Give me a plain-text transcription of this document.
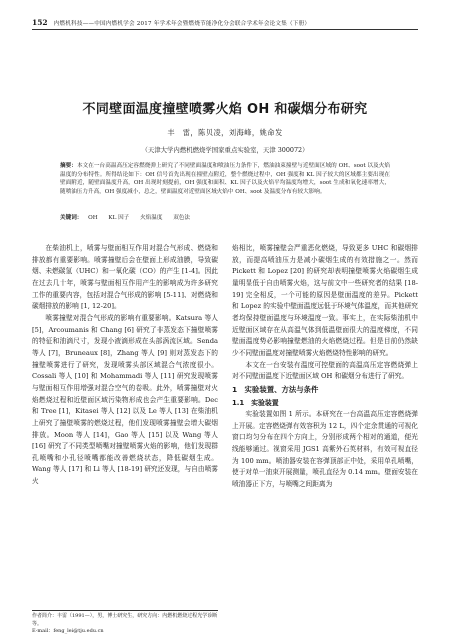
152 内燃机科技——中国内燃机学会 2017 年学术年会暨燃烧节能净化分会联合学术年会论文集（下册）
不同壁面温度撞壁喷雾火焰 OH 和碳烟分布研究
丰　雷，陈贝凌，刘海峰，姚命发
（天津大学内燃机燃烧学国家重点实验室，天津 300072）
摘要：本文在一台高温高压定容燃烧弹上研究了不同壁面温度和喷油压力条件下，燃油油束撞壁与近壁面区域的 OH、soot 以及火焰温度的分布特性。所得结论如下：OH 信号首先出现在撞壁点附近，整个燃烧过程中，OH 强度和 KL 因子较大的区域都主要出现在壁面附近，随壁面温度升高，OH 出现时刻提前，OH 强度和面积、KL 因子以及火焰平均温度均增大，soot 生成和氧化速率增大，随喷油压力升高，OH 强度减小，总之，壁面温度对近壁面区域火焰中 OH、soot 及温度分布有较大影响。
关键词： OH KL 因子 火焰温度 双色法

在柴油机上，喷雾与壁面相互作用对混合气形成、燃烧和排放都有重要影响。喷雾撞壁后会在壁面上形成油膜，导致碳烟、未燃碳氢（UHC）和一氧化碳（CO）的产生 [1-4]。因此在过去几十年，喷雾与壁面相互作用产生的影响成为许多研究工作的重要内容，包括对混合气形成的影响 [5-11]、对燃烧和碳烟排放的影响 [1, 12-20]。

喷雾撞壁对混合气形成的影响有重要影响。Katsura 等人 [5]，Arcoumanis 和 Chang [6] 研究了非蒸发态下撞壁喷雾的特征和油滴尺寸，发现小液滴形成在头部涡流区域。Senda 等人 [7]，Bruneaux [8]，Zhang 等人 [9] 则对蒸发态下的撞壁喷雾进行了研究，发现喷雾头部区域混合气浓度很小。Cossali 等人 [10] 和 Mohammadi 等人 [11] 研究发现喷雾与壁面相互作用增强对混合空气的卷吸。此外，喷雾撞壁对火焰燃烧过程和近壁面区域污染物形成也会产生重要影响。Dec 和 Tree [1]，Kitasei 等人 [12] 以及 Le 等人 [13] 在柴油机上研究了撞壁喷雾的燃烧过程，他们发现喷雾撞壁会增大碳烟排放。Moon 等人 [14]，Gao 等人 [15] 以及 Wang 等人 [16] 研究了不同类型喷嘴对撞壁喷雾火焰的影响，他们发现群孔喷嘴和小孔径喷嘴都能改善燃烧状态，降低碳烟生成。Wang 等人 [17] 和 Li 等人 [18-19] 研究还发现，与自由喷雾火

焰相比，喷雾撞壁会严重恶化燃烧，导致更多 UHC 和碳烟排放，而提高喷油压力是减小碳烟生成的有效措施之一。然而 Pickett 和 Lopez [20] 的研究却表明撞壁喷雾火焰碳烟生成量明显低于自由喷雾火焰，这与前文中一些研究者的结果 [18-19] 完全相反，一个可能的原因是壁面温度的差异。Pickett 和 Lopez 的实验中壁面温度远低于环境气体温度，而其他研究者均保持壁面温度与环境温度一致。事实上，在实际柴油机中近壁面区域存在从高温气体到低温壁面很大的温度梯度，不同壁面温度势必影响撞壁燃油的火焰燃烧过程。但是目前仍然缺少不同壁面温度对撞壁喷雾火焰燃烧特性影响的研究。

本文在一台安装有温度可控壁面的高温高压定容燃烧弹上对不同壁面温度下近壁面区域 OH 和碳烟分布进行了研究。

1　实验装置、方法与条件

1.1　实验装置

实验装置如图 1 所示。本研究在一台高温高压定容燃烧弹上开展。定容燃烧弹有效容积为 12 L，四个定余贯通的可视化窗口均匀分布在四个方向上，分别形成两个相对的通道，便光线能够通过。视窗采用 JGS1 高紫外石英材料，有效可视直径为 100 mm。喷油器安装在容弹顶部正中处，采用单孔喷嘴，使于对单一油束开展测量，喷孔直径为 0.14 mm。壁面安装在喷油器正下方，与喷嘴之间距离为

作者简介：丰雷（1991—），男，博士研究生，研究方向：内燃机燃烧过程光学诊断等。
E-mail：feng_lei@tju.edu.cn
